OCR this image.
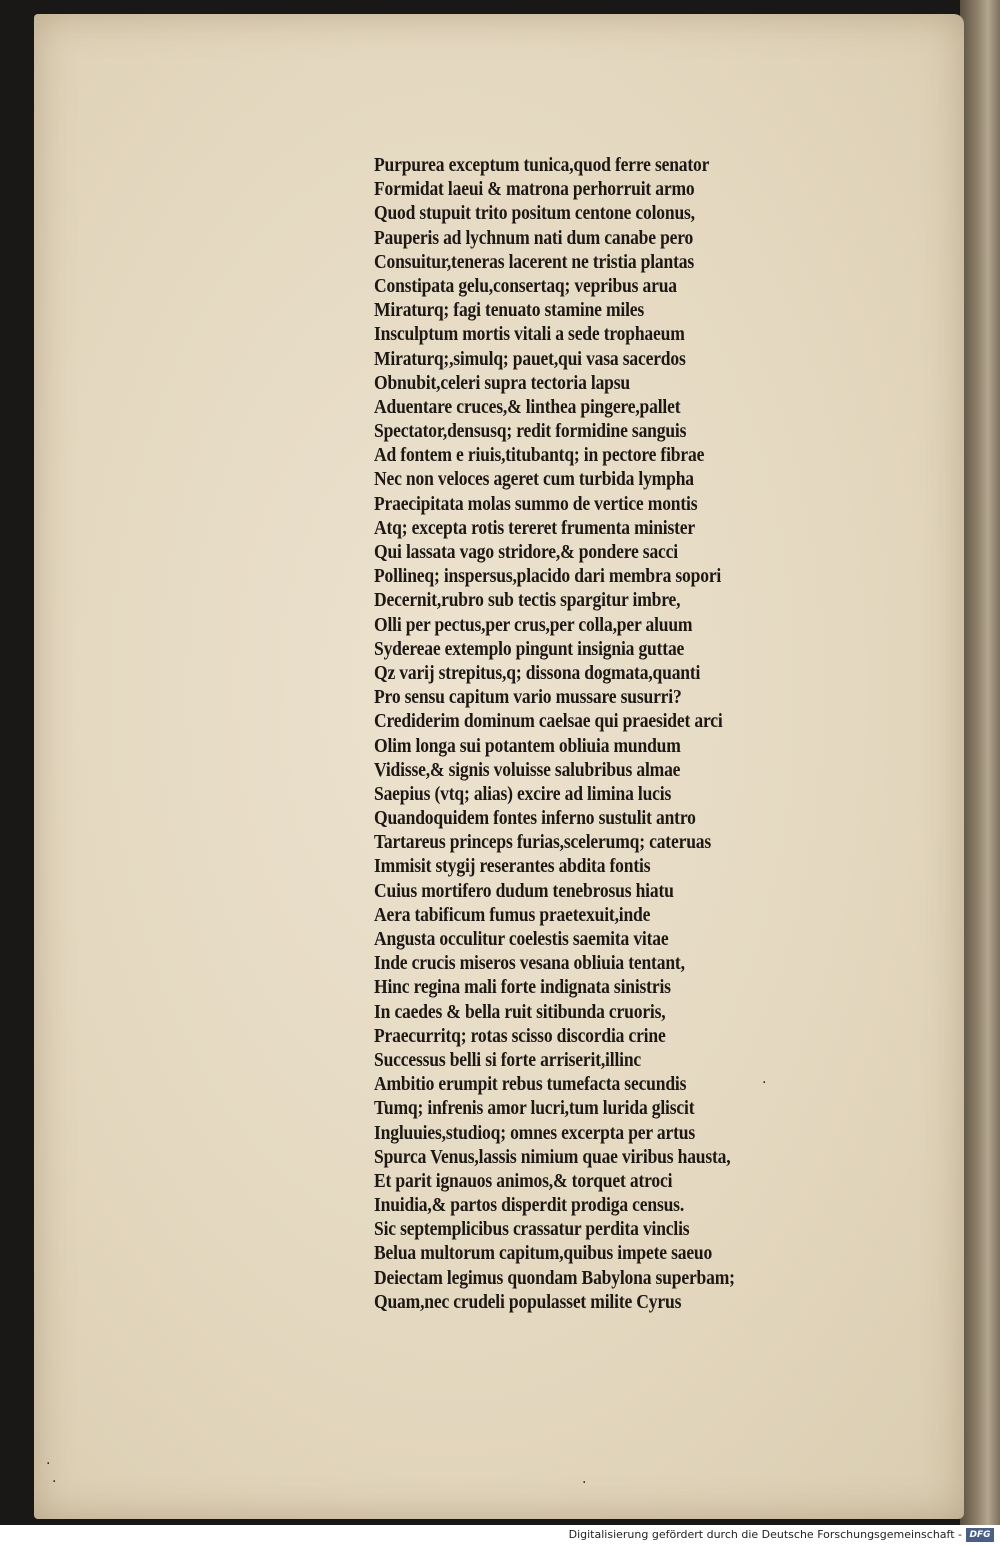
Purpurea exceptum tunica,quod ferre senator
Formidat laeui & matrona perhorruit armo
Quod stupuit trito positum centone colonus,
Pauperis ad lychnum nati dum canabe pero
Consuitur,teneras lacerent ne tristia plantas
Constipata gelu,consertaq; vepribus arua
Miraturq; fagi tenuato stamine miles
Insculptum mortis vitali a sede trophaeum
Miraturq;,simulq; pauet,qui vasa sacerdos
Obnubit,celeri supra tectoria lapsu
Aduentare cruces,& linthea pingere,pallet
Spectator,densusq; redit formidine sanguis
Ad fontem e riuis,titubantq; in pectore fibrae
Nec non veloces ageret cum turbida lympha
Praecipitata molas summo de vertice montis
Atq; excepta rotis tereret frumenta minister
Qui lassata vago stridore,& pondere sacci
Pollineq; inspersus,placido dari membra sopori
Decernit,rubro sub tectis spargitur imbre,
Olli per pectus,per crus,per colla,per aluum
Sydereae extemplo pingunt insignia guttae
Qz varij strepitus,q; dissona dogmata,quanti
Pro sensu capitum vario mussare susurri?
Crediderim dominum caelsae qui praesidet arci
Olim longa sui potantem obliuia mundum
Vidisse,& signis voluisse salubribus almae
Saepius (vtq; alias) excire ad limina lucis
Quandoquidem fontes inferno sustulit antro
Tartareus princeps furias,scelerumq; cateruas
Immisit stygij reserantes abdita fontis
Cuius mortifero dudum tenebrosus hiatu
Aera tabificum fumus praetexuit,inde
Angusta occulitur coelestis saemita vitae
Inde crucis miseros vesana obliuia tentant,
Hinc regina mali forte indignata sinistris
In caedes & bella ruit sitibunda cruoris,
Praecurritq; rotas scisso discordia crine
Successus belli si forte arriserit,illinc
Ambitio erumpit rebus tumefacta secundis
Tumq; infrenis amor lucri,tum lurida gliscit
Ingluuies,studioq; omnes excerpta per artus
Spurca Venus,lassis nimium quae viribus hausta,
Et parit ignauos animos,& torquet atroci
Inuidia,& partos disperdit prodiga census.
Sic septemplicibus crassatur perdita vinclis
Belua multorum capitum,quibus impete saeuo
Deiectam legimus quondam Babylona superbam;
Quam,nec crudeli populasset milite Cyrus
·
·	·
·
Digitalisierung gefördert durch die Deutsche Forschungsgemeinschaft - DFG
